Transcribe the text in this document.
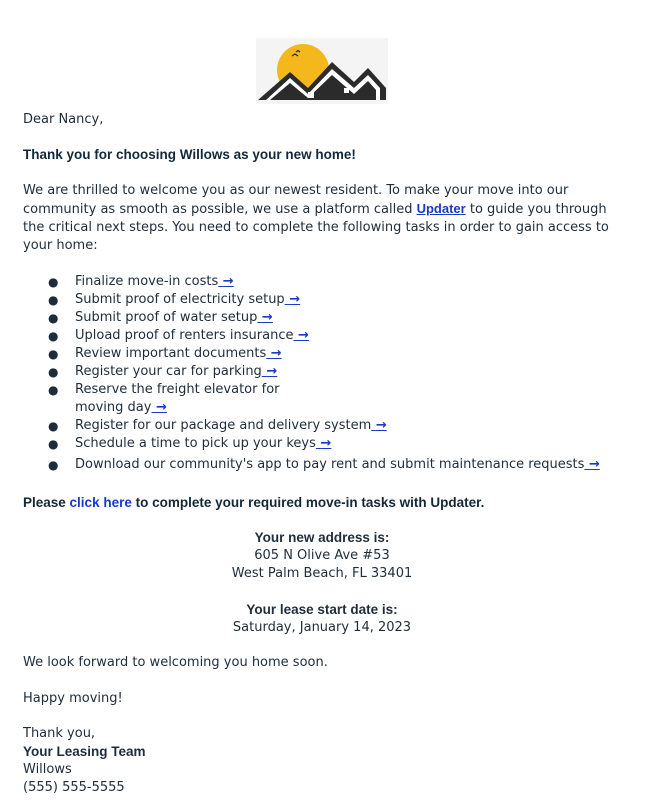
Dear Nancy,

Thank you for choosing Willows as your new home!

We are thrilled to welcome you as our newest resident. To make your move into our community as smooth as possible, we use a platform called Updater to guide you through the critical next steps. You need to complete the following tasks in order to gain access to your home:

● Finalize move-in costs →
● Submit proof of electricity setup →
● Submit proof of water setup →
● Upload proof of renters insurance →
● Review important documents →
● Register your car for parking →
● Reserve the freight elevator for moving day →
● Register for our package and delivery system →
● Schedule a time to pick up your keys →
● Download our community's app to pay rent and submit maintenance requests →

Please click here to complete your required move-in tasks with Updater.

Your new address is:

605 N Olive Ave #53

West Palm Beach, FL 33401

Your lease start date is:

Saturday, January 14, 2023

We look forward to welcoming you home soon.

Happy moving!

Thank you,

Your Leasing Team

Willows

(555) 555-5555
